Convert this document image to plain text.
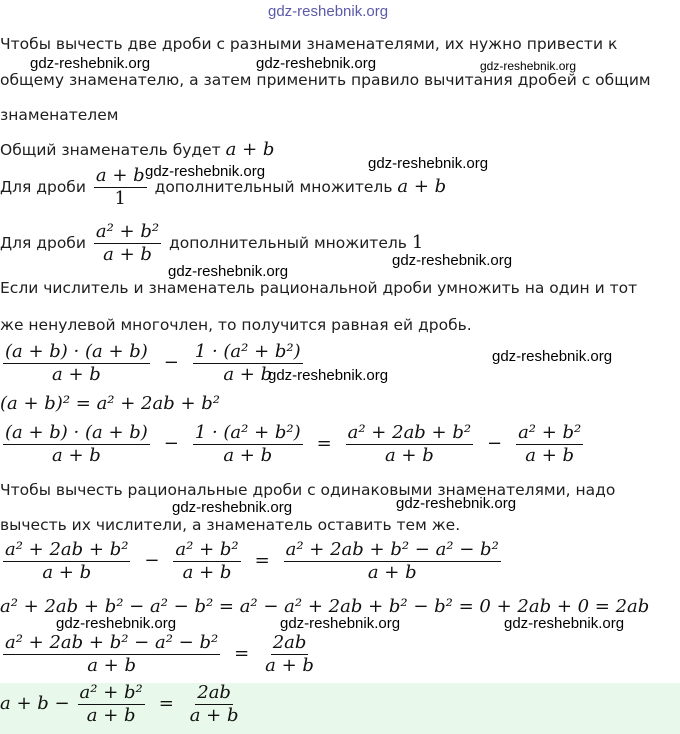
gdz-reshebnik.org
Чтобы вычесть две дроби с разными знаменателями, их нужно привести к
общему знаменателю, а затем применить правило вычитания дробей с общим
знаменателем
Общий знаменатель будет a + b
Для дроби $\frac{a + b}{1}$ дополнительный множитель a + b
Для дроби $\frac{\text{a² + b²}}{a + b}$ дополнительный множитель 1
Если числитель и знаменатель рациональной дроби умножить на один и тот
же ненулевой многочлен, то получится равная ей дробь.
$\frac{(a + b) \cdot (a + b)}{a + b} - \frac{\text{1 · (a² + b²)}}{a + b}$
(a + b)² = a² + 2ab + b²
$\frac{(a + b) \cdot (a + b)}{a + b} - \frac{\text{1 · (a² + b²)}}{a + b} = \frac{\text{a² + 2ab + b²}}{a + b} - \frac{\text{a² + b²}}{a + b}$
Чтобы вычесть рациональные дроби с одинаковыми знаменателями, надо
вычесть их числители, а знаменатель оставить тем же.
$\frac{\text{a² + 2ab + b²}}{a + b} - \frac{\text{a² + b²}}{a + b} = \frac{\text{a² + 2ab + b² − a² − b²}}{a + b}$
a² + 2ab + b² − a² − b² = a² − a² + 2ab + b² − b² = 0 + 2ab + 0 = 2ab
$\frac{\text{a² + 2ab + b² − a² − b²}}{a + b} = \frac{2ab}{a + b}$
$a + b - \frac{\text{a² + b²}}{a + b} = \frac{2ab}{a + b}$
gdz-reshebnik.org	gdz-reshebnik.org	gdz-reshebnik.org
gdz-reshebnik.org
gdz-reshebnik.org
gdz-reshebnik.org
gdz-reshebnik.org
gdz-reshebnik.org
gdz-reshebnik.org
gdz-reshebnik.org
gdz-reshebnik.org
gdz-reshebnik.org	gdz-reshebnik.org	gdz-reshebnik.org
